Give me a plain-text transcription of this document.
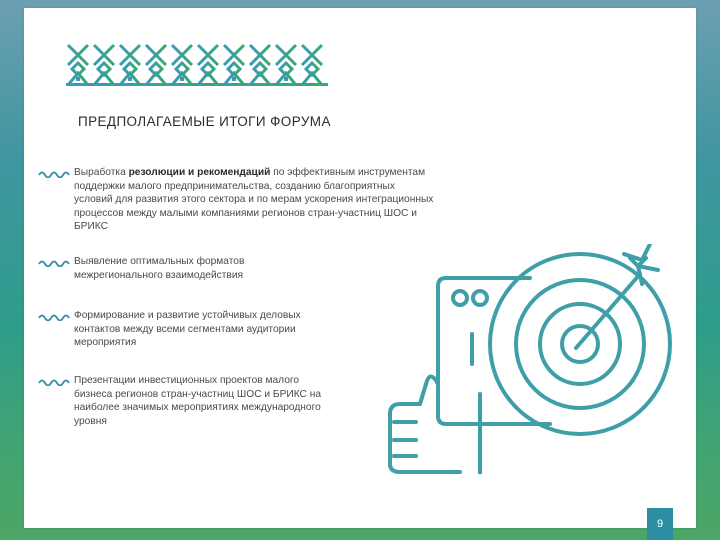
ПРЕДПОЛАГАЕМЫЕ ИТОГИ ФОРУМА
Выработка резолюции и рекомендаций по эффективным инструментам поддержки малого предпринимательства, созданию благоприятных условий для развития этого сектора и по мерам ускорения интеграционных процессов между малыми компаниями регионов стран-участниц ШОС и БРИКС
Выявление оптимальных форматов межрегионального взаимодействия
Формирование и развитие устойчивых деловых контактов между всеми сегментами аудитории мероприятия
Презентации инвестиционных проектов малого бизнеса регионов стран-участниц ШОС и БРИКС на наиболее значимых мероприятиях международного уровня
9
